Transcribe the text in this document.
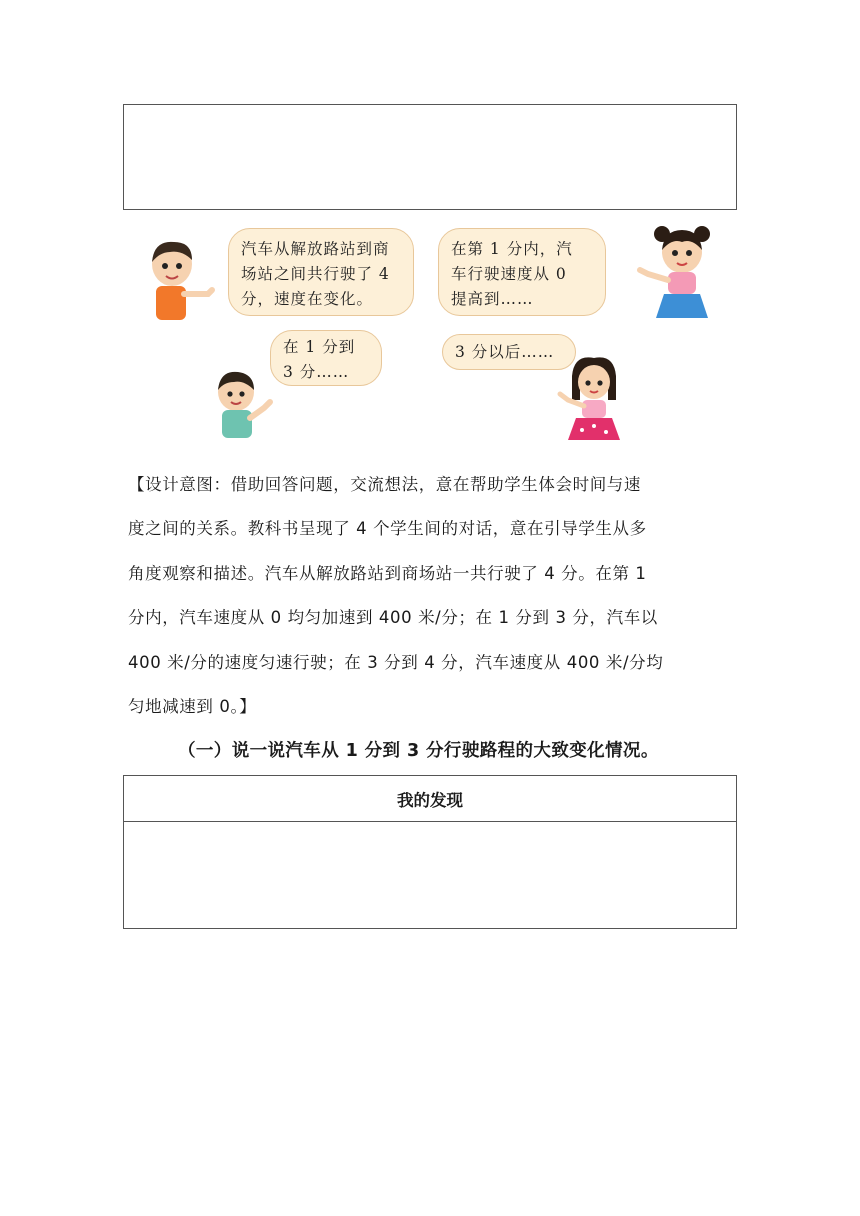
汽车从解放路站到商
场站之间共行驶了 4
分，速度在变化。
在第 1 分内，汽
车行驶速度从 0
提高到……
在 1 分到
3 分……
3 分以后……
【设计意图：借助回答问题，交流想法，意在帮助学生体会时间与速
度之间的关系。教科书呈现了 4 个学生间的对话，意在引导学生从多
角度观察和描述。汽车从解放路站到商场站一共行驶了 4 分。在第 1
分内，汽车速度从 0 均匀加速到 400 米/分；在 1 分到 3 分，汽车以
400 米/分的速度匀速行驶；在 3 分到 4 分，汽车速度从 400 米/分均
匀地减速到 0。】
（一）说一说汽车从 1 分到 3 分行驶路程的大致变化情况。
我的发现
